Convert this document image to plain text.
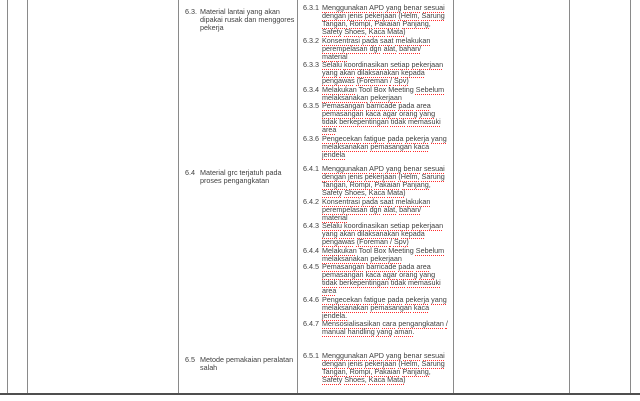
6.3. Material lantai yang akan dipakai rusak dan menggores pekerja
6.3.1 Menggunakan APD yang benar sesuai dengan jenis pekerjaan (Helm, Sarung Tangan, Rompi, Pakaian Panjang, Safety Shoes, Kaca Mata)
6.3.2 Konsentrasi pada saat melakukan perempelasan dgn alat, bahan/ material
6.3.3 Selalu koordinasikan setiap pekerjaan yang akan dilaksanakan kepada pengawas (Foreman / Spv)
6.3.4 Melakukan Tool Box Meeting Sebelum melaksanakan pekerjaan
6.3.5 Pemasangan barricade pada area pemasangan kaca agar orang yang tidak berkepentingan tidak memasuki area
6.3.6 Pengecekan fatigue pada pekerja yang melaksanakan pemasangan kaca jendela
6.4 Material grc terjatuh pada proses pengangkatan
6.4.1 Menggunakan APD yang benar sesuai dengan jenis pekerjaan (Helm, Sarung Tangan, Rompi, Pakaian Panjang, Safety Shoes, Kaca Mata)
6.4.2 Konsentrasi pada saat melakukan perempelasan dgn alat, bahan/ material
6.4.3 Selalu koordinasikan setiap pekerjaan yang akan dilaksanakan kepada pengawas (Foreman / Spv)
6.4.4 Melakukan Tool Box Meeting Sebelum melaksanakan pekerjaan
6.4.5 Pemasangan barricade pada area pemasangan kaca agar orang yang tidak berkepentingan tidak memasuki area
6.4.6 Pengecekan fatigue pada pekerja yang melaksanakan pemasangan kaca jendela.
6.4.7 Mensosialisasikan cara pengangkatan / manual handling yang aman.
6.5 Metode pemakaian peralatan salah
6.5.1 Menggunakan APD yang benar sesuai dengan jenis pekerjaan (Helm, Sarung Tangan, Rompi, Pakaian Panjang, Safety Shoes, Kaca Mata)
